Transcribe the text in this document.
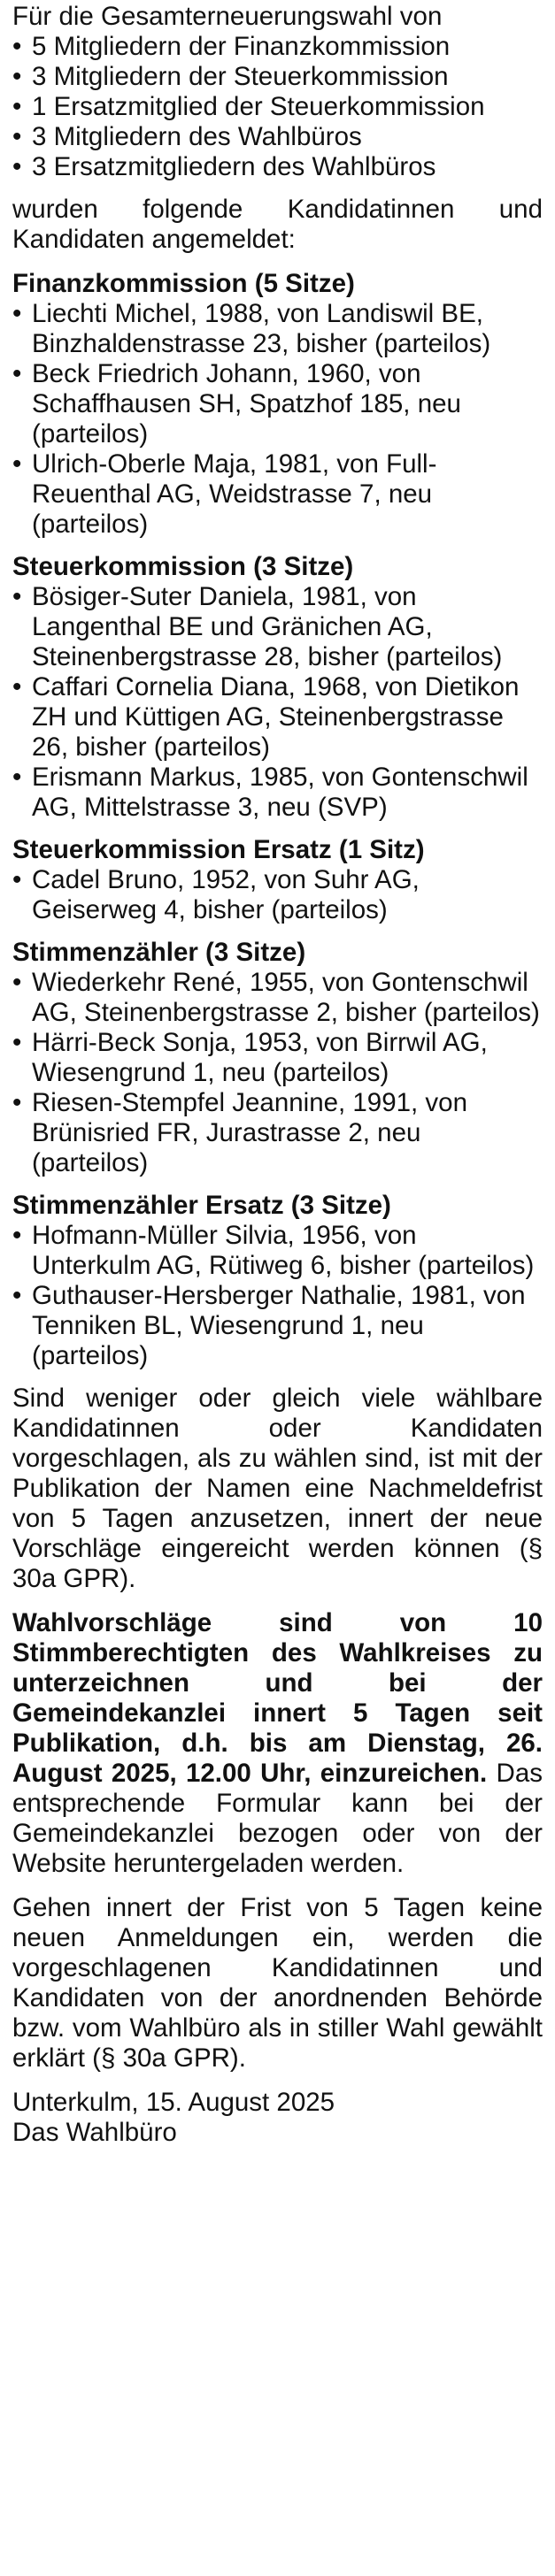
Für die Gesamterneuerungswahl von

• 5 Mitgliedern der Finanzkommission
• 3 Mitgliedern der Steuerkommission
• 1 Ersatzmitglied der Steuerkommission
• 3 Mitgliedern des Wahlbüros
• 3 Ersatzmitgliedern des Wahlbüros

wurden folgende Kandidatinnen und Kandidaten angemeldet:

Finanzkommission (5 Sitze)

• Liechti Michel, 1988, von Landiswil BE, Binzhaldenstrasse 23, bisher (parteilos)
• Beck Friedrich Johann, 1960, von Schaffhausen SH, Spatzhof 185, neu (parteilos)
• Ulrich-Oberle Maja, 1981, von Full-Reuenthal AG, Weidstrasse 7, neu (parteilos)

Steuerkommission (3 Sitze)

• Bösiger-Suter Daniela, 1981, von Langenthal BE und Gränichen AG, Steinenbergstrasse 28, bisher (parteilos)
• Caffari Cornelia Diana, 1968, von Dietikon ZH und Küttigen AG, Steinenbergstrasse 26, bisher (parteilos)
• Erismann Markus, 1985, von Gontenschwil AG, Mittelstrasse 3, neu (SVP)

Steuerkommission Ersatz (1 Sitz)

• Cadel Bruno, 1952, von Suhr AG, Geiserweg 4, bisher (parteilos)

Stimmenzähler (3 Sitze)

• Wiederkehr René, 1955, von Gontenschwil AG, Steinenbergstrasse 2, bisher (parteilos)
• Härri-Beck Sonja, 1953, von Birrwil AG, Wiesengrund 1, neu (parteilos)
• Riesen-Stempfel Jeannine, 1991, von Brünisried FR, Jurastrasse 2, neu (parteilos)

Stimmenzähler Ersatz (3 Sitze)

• Hofmann-Müller Silvia, 1956, von Unterkulm AG, Rütiweg 6, bisher (parteilos)
• Guthauser-Hersberger Nathalie, 1981, von Tenniken BL, Wiesengrund 1, neu (parteilos)

Sind weniger oder gleich viele wählbare Kandidatinnen oder Kandidaten vorgeschlagen, als zu wählen sind, ist mit der Publikation der Namen eine Nachmeldefrist von 5 Tagen anzusetzen, innert der neue Vorschläge eingereicht werden können (§ 30a GPR).

Wahlvorschläge sind von 10 Stimmberechtigten des Wahlkreises zu unterzeichnen und bei der Gemeindekanzlei innert 5 Tagen seit Publikation, d.h. bis am Dienstag, 26. August 2025, 12.00 Uhr, einzureichen. Das entsprechende Formular kann bei der Gemeindekanzlei bezogen oder von der Website heruntergeladen werden.

Gehen innert der Frist von 5 Tagen keine neuen Anmeldungen ein, werden die vorgeschlagenen Kandidatinnen und Kandidaten von der anordnenden Behörde bzw. vom Wahlbüro als in stiller Wahl gewählt erklärt (§ 30a GPR).

Unterkulm, 15. August 2025

Das Wahlbüro
